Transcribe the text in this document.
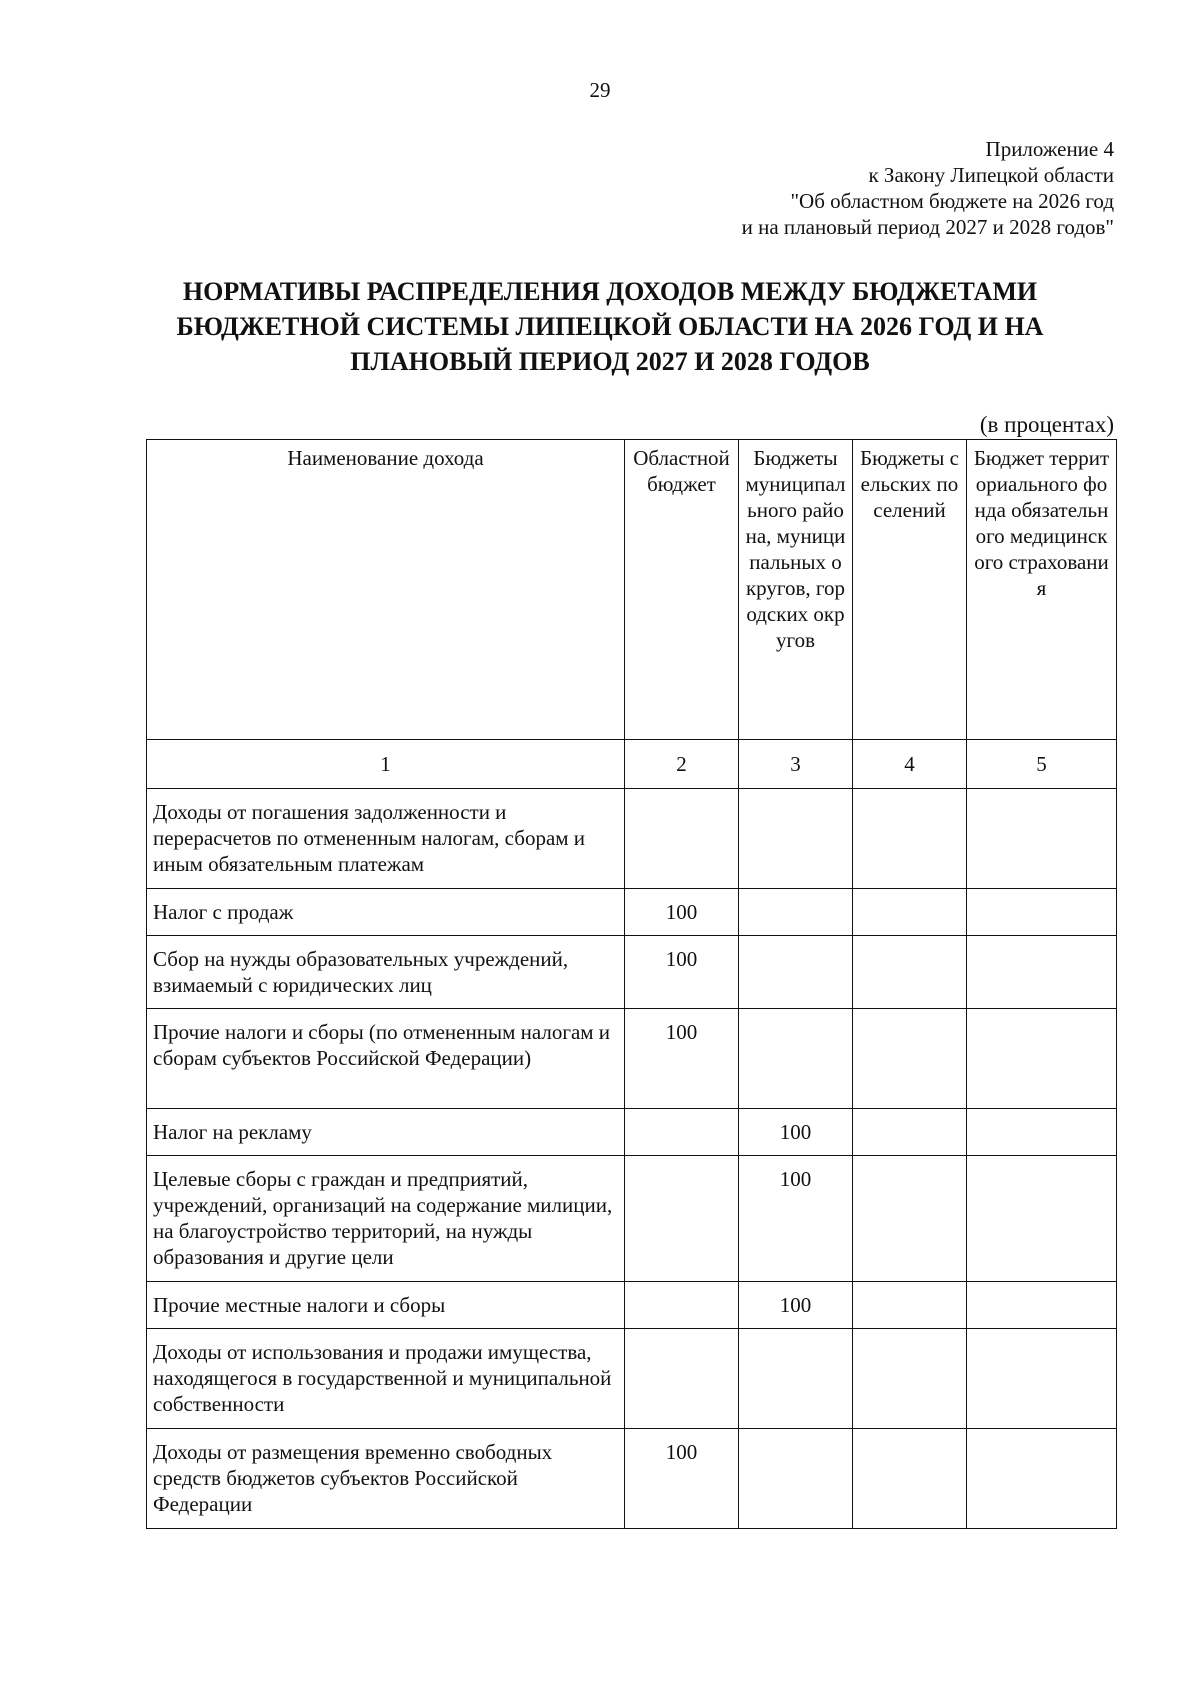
29
Приложение 4
к Закону Липецкой области
"Об областном бюджете на 2026 год
и на плановый период 2027 и 2028 годов"
НОРМАТИВЫ РАСПРЕДЕЛЕНИЯ ДОХОДОВ МЕЖДУ БЮДЖЕТАМИ
БЮДЖЕТНОЙ СИСТЕМЫ ЛИПЕЦКОЙ ОБЛАСТИ НА 2026 ГОД И НА
ПЛАНОВЫЙ ПЕРИОД 2027 И 2028 ГОДОВ
(в процентах)
Наименование дохода	Областной бюджет	Бюджеты муниципального района, муниципальных округов, городских округов	Бюджеты сельских поселений	Бюджет территориального фонда обязательного медицинского страхования
1	2	3	4	5
Доходы от погашения задолженности и перерасчетов по отмененным налогам, сборам и иным обязательным платежам				
Налог с продаж	100			
Сбор на нужды образовательных учреждений, взимаемый с юридических лиц	100			
Прочие налоги и сборы (по отмененным налогам и сборам субъектов Российской Федерации)	100			
Налог на рекламу		100		
Целевые сборы с граждан и предприятий, учреждений, организаций на содержание милиции, на благоустройство территорий, на нужды образования и другие цели		100		
Прочие местные налоги и сборы		100		
Доходы от использования и продажи имущества, находящегося в государственной и муниципальной собственности				
Доходы от размещения временно свободных средств бюджетов субъектов Российской Федерации	100			
